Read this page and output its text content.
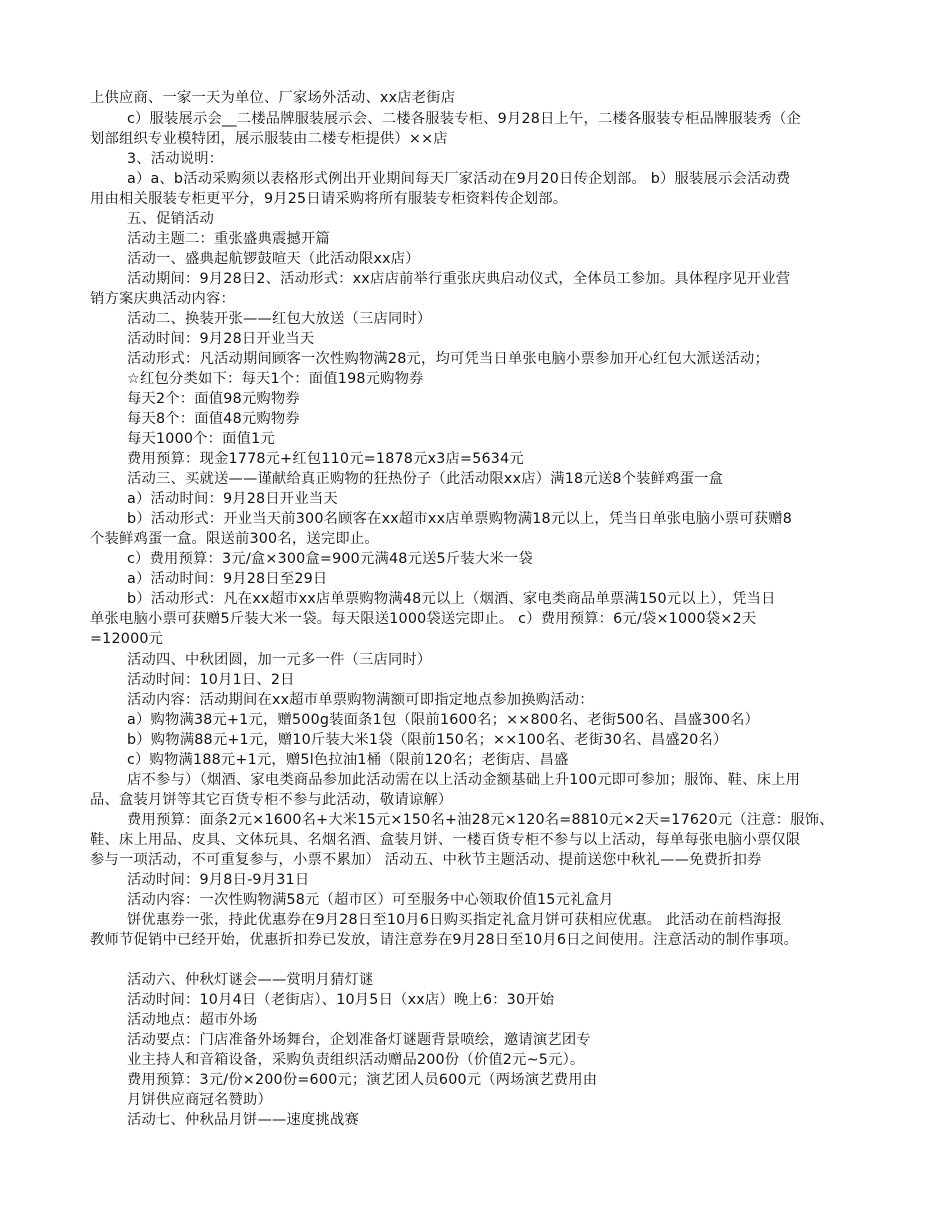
上供应商、一家一天为单位、厂家场外活动、xx店老街店
c）服装展示会__二楼品牌服装展示会、二楼各服装专柜、9月28日上午，二楼各服装专柜品牌服装秀（企
划部组织专业模特团，展示服装由二楼专柜提供）××店
3、活动说明：
a）a、b活动采购须以表格形式例出开业期间每天厂家活动在9月20日传企划部。 b）服装展示会活动费
用由相关服装专柜更平分，9月25日请采购将所有服装专柜资料传企划部。
五、促销活动
活动主题二：重张盛典震撼开篇
活动一、盛典起航锣鼓喧天（此活动限xx店）
活动期间：9月28日2、活动形式：xx店店前举行重张庆典启动仪式，全体员工参加。具体程序见开业营
销方案庆典活动内容：
活动二、换装开张——红包大放送（三店同时）
活动时间：9月28日开业当天
活动形式：凡活动期间顾客一次性购物满28元，均可凭当日单张电脑小票参加开心红包大派送活动；
☆红包分类如下：每天1个：面值198元购物券
每天2个：面值98元购物券
每天8个：面值48元购物券
每天1000个：面值1元
费用预算：现金1778元+红包110元=1878元x3店=5634元
活动三、买就送——谨献给真正购物的狂热份子（此活动限xx店）满18元送8个装鲜鸡蛋一盒
a）活动时间：9月28日开业当天
b）活动形式：开业当天前300名顾客在xx超市xx店单票购物满18元以上，凭当日单张电脑小票可获赠8
个装鲜鸡蛋一盒。限送前300名，送完即止。
c）费用预算：3元/盒×300盒=900元满48元送5斤装大米一袋
a）活动时间：9月28日至29日
b）活动形式：凡在xx超市xx店单票购物满48元以上（烟酒、家电类商品单票满150元以上），凭当日
单张电脑小票可获赠5斤装大米一袋。每天限送1000袋送完即止。 c）费用预算：6元/袋×1000袋×2天
=12000元
活动四、中秋团圆，加一元多一件（三店同时）
活动时间：10月1日、2日
活动内容：活动期间在xx超市单票购物满额可即指定地点参加换购活动：
a）购物满38元+1元，赠500g装面条1包（限前1600名；××800名、老街500名、昌盛300名）
b）购物满88元+1元，赠10斤装大米1袋（限前150名；××100名、老街30名、昌盛20名）
c）购物满188元+1元，赠5l色拉油1桶（限前120名；老街店、昌盛
店不参与）（烟酒、家电类商品参加此活动需在以上活动金额基础上升100元即可参加；服饰、鞋、床上用
品、盒装月饼等其它百货专柜不参与此活动，敬请谅解）
费用预算：面条2元×1600名+大米15元×150名+油28元×120名=8810元×2天=17620元（注意：服饰、
鞋、床上用品、皮具、文体玩具、名烟名酒、盒装月饼、一楼百货专柜不参与以上活动，每单每张电脑小票仅限
参与一项活动，不可重复参与，小票不累加） 活动五、中秋节主题活动、提前送您中秋礼——免费折扣券
活动时间：9月8日-9月31日
活动内容：一次性购物满58元（超市区）可至服务中心领取价值15元礼盒月
饼优惠券一张，持此优惠券在9月28日至10月6日购买指定礼盒月饼可获相应优惠。 此活动在前档海报
教师节促销中已经开始，优惠折扣券已发放，请注意券在9月28日至10月6日之间使用。注意活动的制作事项。
活动六、仲秋灯谜会——赏明月猜灯谜
活动时间：10月4日（老街店）、10月5日（xx店）晚上6：30开始
活动地点：超市外场
活动要点：门店准备外场舞台，企划准备灯谜题背景喷绘，邀请演艺团专
业主持人和音箱设备，采购负责组织活动赠品200份（价值2元~5元）。
费用预算：3元/份×200份=600元；演艺团人员600元（两场演艺费用由
月饼供应商冠名赞助）
活动七、仲秋品月饼——速度挑战赛
